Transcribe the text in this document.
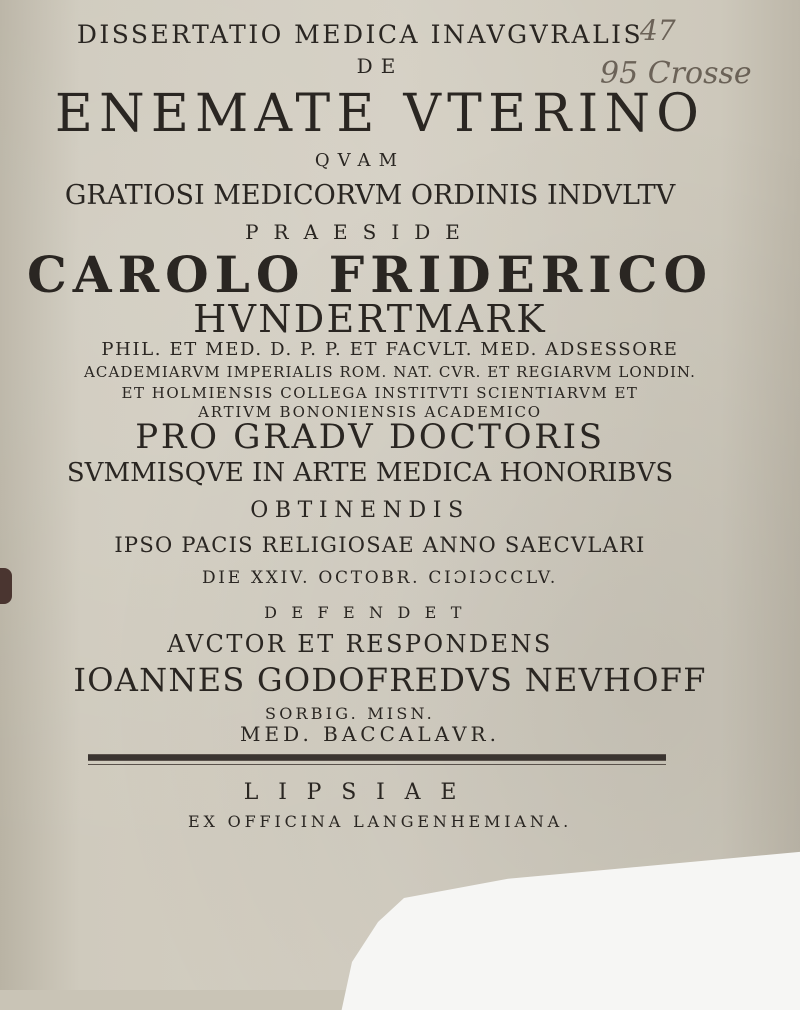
47
95 Crosse
DISSERTATIO MEDICA INAVGVRALIS
DE
ENEMATE VTERINO
QVAM
GRATIOSI MEDICORVM ORDINIS INDVLTV
PRAESIDE
CAROLO FRIDERICO
HVNDERTMARK
PHIL. ET MED. D. P. P. ET FACVLT. MED. ADSESSORE
ACADEMIARVM IMPERIALIS ROM. NAT. CVR. ET REGIARVM LONDIN.
ET HOLMIENSIS COLLEGA INSTITVTI SCIENTIARVM ET
ARTIVM BONONIENSIS ACADEMICO
PRO GRADV DOCTORIS
SVMMISQVE IN ARTE MEDICA HONORIBVS
OBTINENDIS
IPSO PACIS RELIGIOSAE ANNO SAECVLARI
DIE XXIV. OCTOBR. CIƆIƆCCLV.
DEFENDET
AVCTOR ET RESPONDENS
IOANNES GODOFREDVS NEVHOFF
SORBIG. MISN.
MED. BACCALAVR.
LIPSIAE
EX OFFICINA LANGENHEMIANA.
